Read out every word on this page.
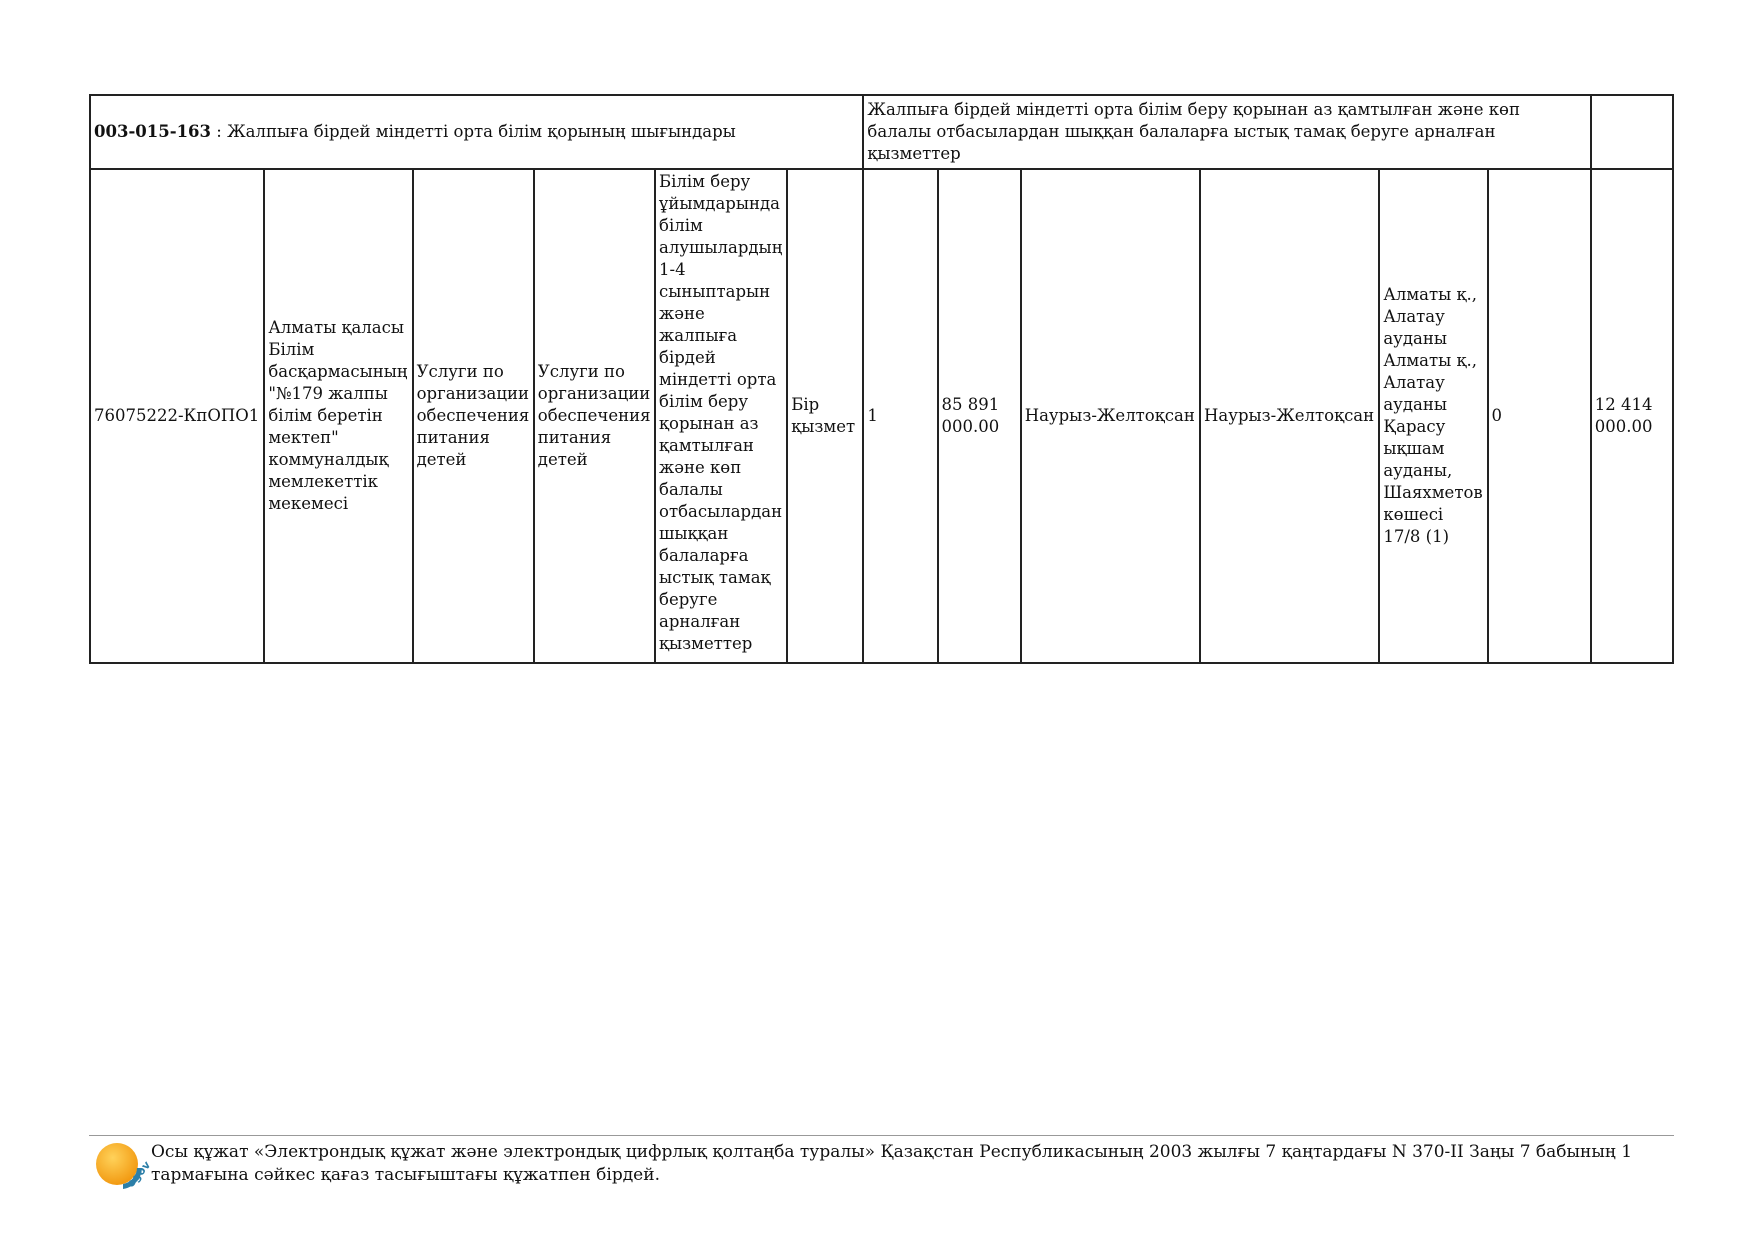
003-015-163 : Жалпыға бірдей міндетті орта білім қорының шығындары						Жалпыға бірдей міндетті орта білім беру қорынан аз қамтылған және көп балалы отбасылардан шыққан балаларға ыстық тамақ беруге арналған қызметтер						
76075222-КпОПО1	Алматы қаласы Білім басқармасының "№179 жалпы білім беретін мектеп" коммуналдық мемлекеттік мекемесі	Услуги по организации обеспечения питания детей	Услуги по организации обеспечения питания детей	Білім беру ұйымдарында білім алушылардың 1-4 сыныптарын және жалпыға бірдей міндетті орта білім беру қорынан аз қамтылған және көп балалы отбасылардан шыққан балаларға ыстық тамақ беруге арналған қызметтер	Бір қызмет	1	85 891 000.00	Наурыз-Желтоқсан	Наурыз-Желтоқсан	Алматы қ., Алатау ауданы Алматы қ., Алатау ауданы Қарасу ықшам ауданы, Шаяхметов көшесі 17/8 (1)	0	12 414 000.00
egov
Осы құжат «Электрондық құжат және электрондық цифрлық қолтаңба туралы» Қазақстан Республикасының 2003 жылғы 7 қаңтардағы N 370-II Заңы 7 бабының 1 тармағына сәйкес қағаз тасығыштағы құжатпен бірдей.
